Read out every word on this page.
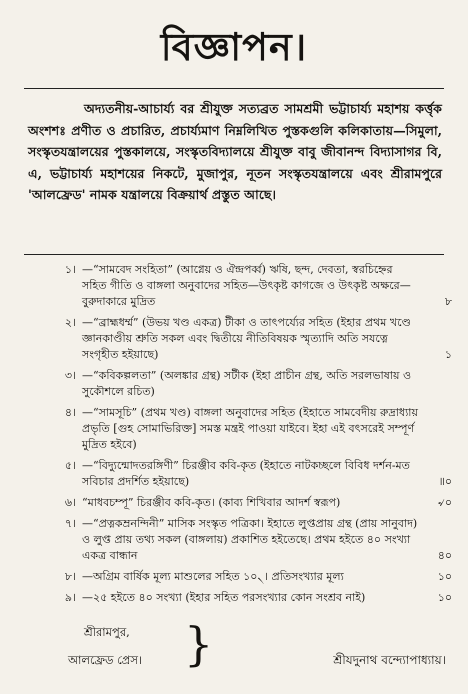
বিজ্ঞাপন।
অদ্যতনীয়-আচার্য্য বর শ্রীযুক্ত সত্যব্রত সামশ্রমী ভট্টাচার্য্য মহাশয় কর্ত্তৃক অংশশঃ প্রণীত ও প্রচারিত, প্রচার্য্যমাণ নিম্নলিখিত পুস্তকগুলি কলিকাতায়—সিমুলা, সংস্কৃতযন্ত্রালয়ের পুস্তকালয়ে, সংস্কৃতবিদ্যালয়ে শ্রীযুক্ত বাবু জীবানন্দ বিদ্যাসাগর বি, এ, ভট্টাচার্য্য মহাশয়ের নিকটে, মুজাপুর, নূতন সংস্কৃতযন্ত্রালয়ে এবং শ্রীরামপুরে 'আলফ্রেড' নামক যন্ত্রালয়ে বিক্রয়ার্থ প্রস্তুত আছে।
১। —“সামবেদ সংহিতা” (আগ্নেয় ও ঐন্দ্রপর্ব্ব) ঋষি, ছন্দ, দেবতা, স্বরচিহ্নের সহিত গীতি ও বাঙ্গলা অনুবাদের সহিত—উৎকৃষ্ট কাগজে ও উৎকৃষ্ট অক্ষরে—বুরুদাকারে মুদ্রিত	৮
২। —“ব্রাহ্মধর্ম্ম” (উভয় খণ্ড একত্র) টীকা ও তাৎপর্য্যের সহিত (ইহার প্রথম খণ্ডে জ্ঞানকাণ্ডীয় শ্রুতি সকল এবং দ্বিতীয়ে নীতিবিষয়ক স্মৃত্যাদি অতি সযত্নে সংগৃহীত হইয়াছে)	১
৩। —“কবিকল্পলতা” (অলঙ্কার গ্রন্থ) সটীক (ইহা প্রাচীন গ্রন্থ, অতি সরলভাষায় ও সুকৌশলে রচিত)
৪। —“সামসূচি” (প্রথম খণ্ড) বাঙ্গলা অনুবাদের সহিত (ইহাতে সামবেদীয় রুদ্রাধ্যায় প্রভৃতি [গুহ সোমাভিরিক্ত] সমস্ত মন্ত্রই পাওয়া যাইবে। ইহা এই বৎসরেই সম্পূর্ণ মুদ্রিত হইবে)
৫। —“বিদ্যুন্মোদতরঙ্গিণী” চিরঞ্জীব কবি-কৃত (ইহাতে নাটকচ্ছলে বিবিধ দর্শন-মত সবিচার প্রদর্শিত হইয়াছে)	॥০
৬। “মাধবচম্পূ” চিরঞ্জীব কবি-কৃত। (কাব্য শিখিবার আদর্শ স্বরূপ)	৵০
৭। —“প্রত্নকম্রনন্দিনী” মাসিক সংস্কৃত পত্রিকা। ইহাতে লুপ্তপ্রায় গ্রন্থ (প্রায় সানুবাদ) ও লুপ্ত প্রায় তথ্য সকল (বাঙ্গলায়) প্রকাশিত হইতেছে। প্রথম হইতে ৪০ সংখ্যা একত্র বান্ধান	৪০
৮। —অগ্রিম বার্ষিক মূল্য মাশুলের সহিত ১০৲। প্রতিসংখ্যার মূল্য	১০
৯। —২৫ হইতে ৪০ সংখ্যা (ইহার সহিত পরসংখ্যার কোন সংশ্রব নাই)	১০
শ্রীরামপুর,
আলফ্রেড প্রেস। }	শ্রীযদুনাথ বন্দ্যোপাধ্যায়।
